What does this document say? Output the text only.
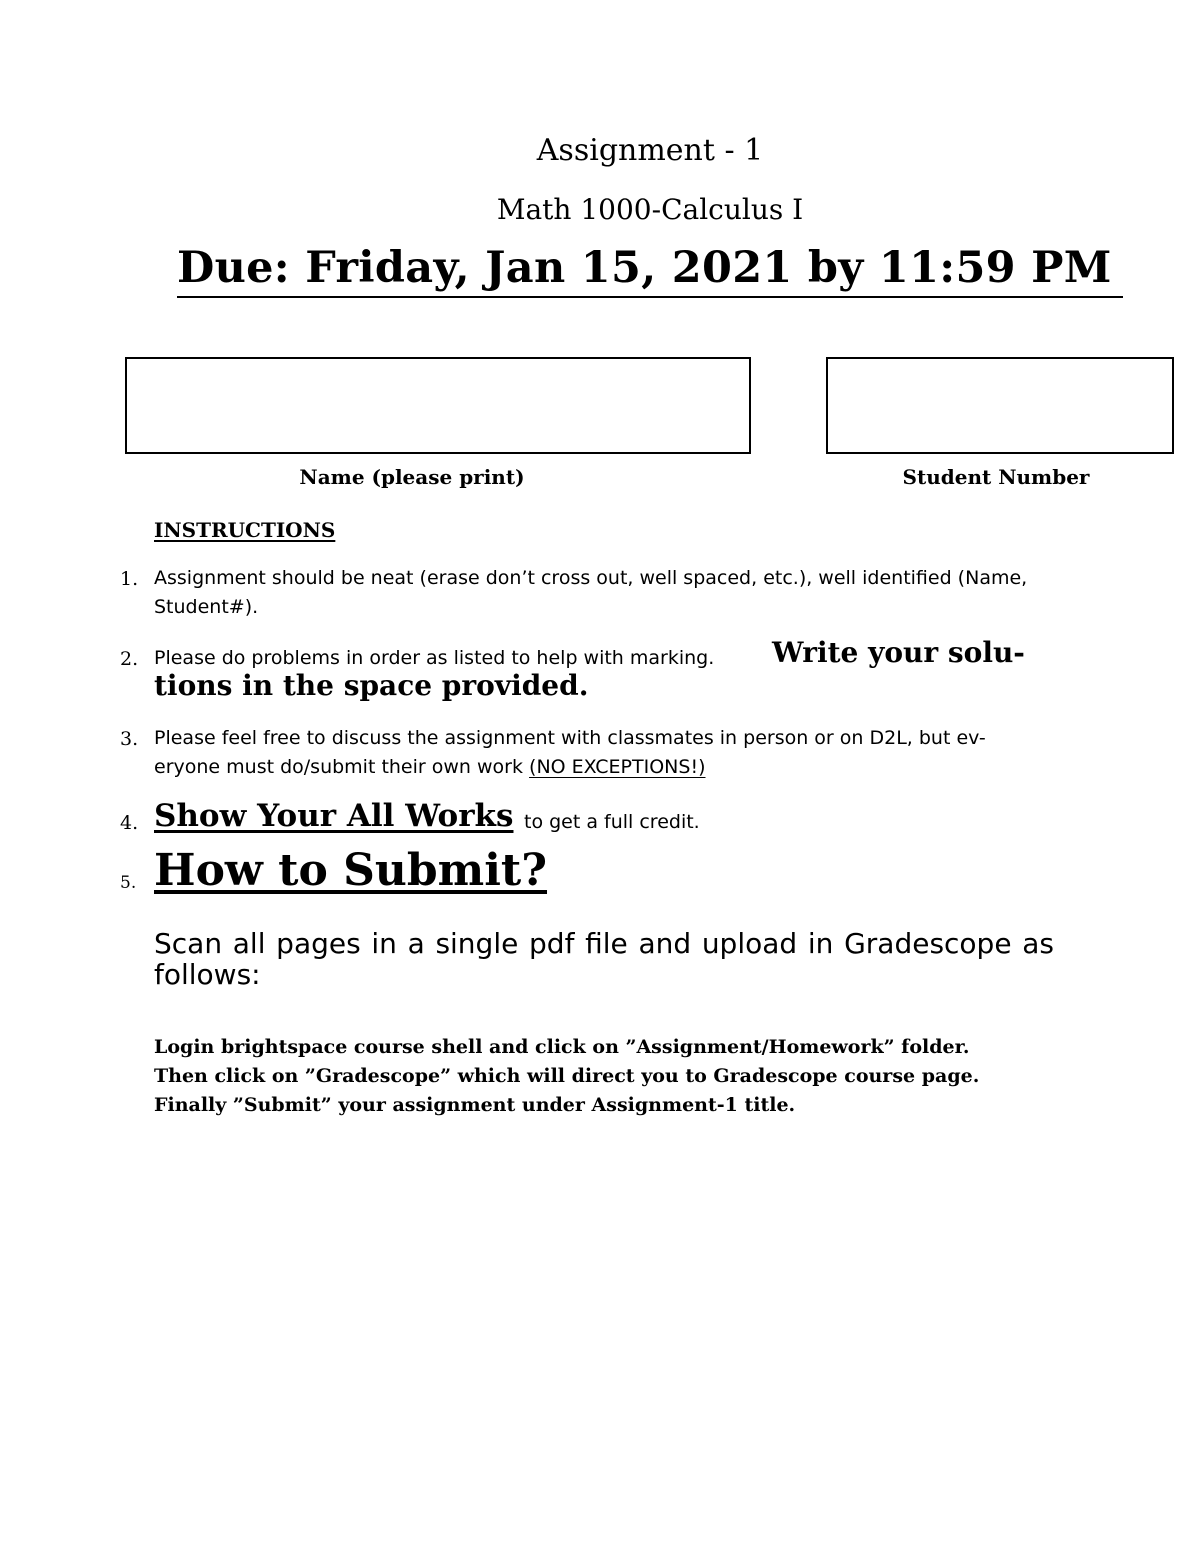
Assignment - 1
Math 1000-Calculus I
Due: Friday, Jan 15, 2021 by 11:59 PM
Name (please print)	Student Number
INSTRUCTIONS
1. Assignment should be neat (erase don’t cross out, well spaced, etc.), well identified (Name, Student#).
2. Please do problems in order as listed to help with marking. Write your solu-
tions in the space provided.
3. Please feel free to discuss the assignment with classmates in person or on D2L, but ev-
eryone must do/submit their own work (NO EXCEPTIONS!)
4. Show Your All Works to get a full credit.
5. How to Submit?
Scan all pages in a single pdf file and upload in Gradescope as follows:
Login brightspace course shell and click on ”Assignment/Homework” folder.
Then click on ”Gradescope” which will direct you to Gradescope course page.
Finally ”Submit” your assignment under Assignment-1 title.
